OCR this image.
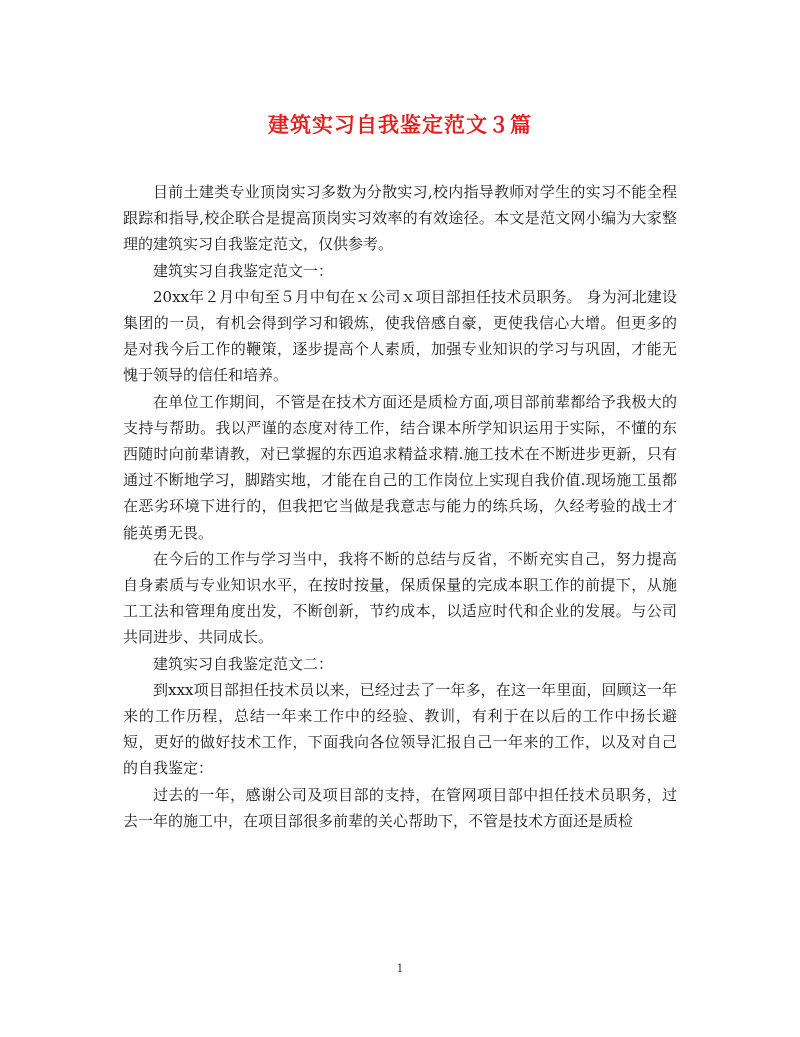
建筑实习自我鉴定范文３篇

目前土建类专业顶岗实习多数为分散实习,校内指导教师对学生的实习不能全程跟踪和指导,校企联合是提高顶岗实习效率的有效途径。本文是范文网小编为大家整理的建筑实习自我鉴定范文，仅供参考。

建筑实习自我鉴定范文一：

20xx年２月中旬至５月中旬在ｘ公司ｘ项目部担任技术员职务。 身为河北建设集团的一员，有机会得到学习和锻炼，使我倍感自豪，更使我信心大增。但更多的是对我今后工作的鞭策，逐步提高个人素质，加强专业知识的学习与巩固，才能无愧于领导的信任和培养。

在单位工作期间，不管是在技术方面还是质检方面,项目部前辈都给予我极大的支持与帮助。我以严谨的态度对待工作，结合课本所学知识运用于实际，不懂的东西随时向前辈请教，对已掌握的东西追求精益求精.施工技术在不断进步更新，只有通过不断地学习，脚踏实地，才能在自己的工作岗位上实现自我价值.现场施工虽都在恶劣环境下进行的，但我把它当做是我意志与能力的练兵场，久经考验的战士才能英勇无畏。

在今后的工作与学习当中，我将不断的总结与反省，不断充实自己，努力提高自身素质与专业知识水平，在按时按量，保质保量的完成本职工作的前提下，从施工工法和管理角度出发，不断创新，节约成本，以适应时代和企业的发展。与公司共同进步、共同成长。

建筑实习自我鉴定范文二：

到xxx项目部担任技术员以来，已经过去了一年多，在这一年里面，回顾这一年来的工作历程，总结一年来工作中的经验、教训，有利于在以后的工作中扬长避短，更好的做好技术工作，下面我向各位领导汇报自己一年来的工作，以及对自己的自我鉴定：

过去的一年，感谢公司及项目部的支持，在管网项目部中担任技术员职务，过去一年的施工中，在项目部很多前辈的关心帮助下，不管是技术方面还是质检

1
